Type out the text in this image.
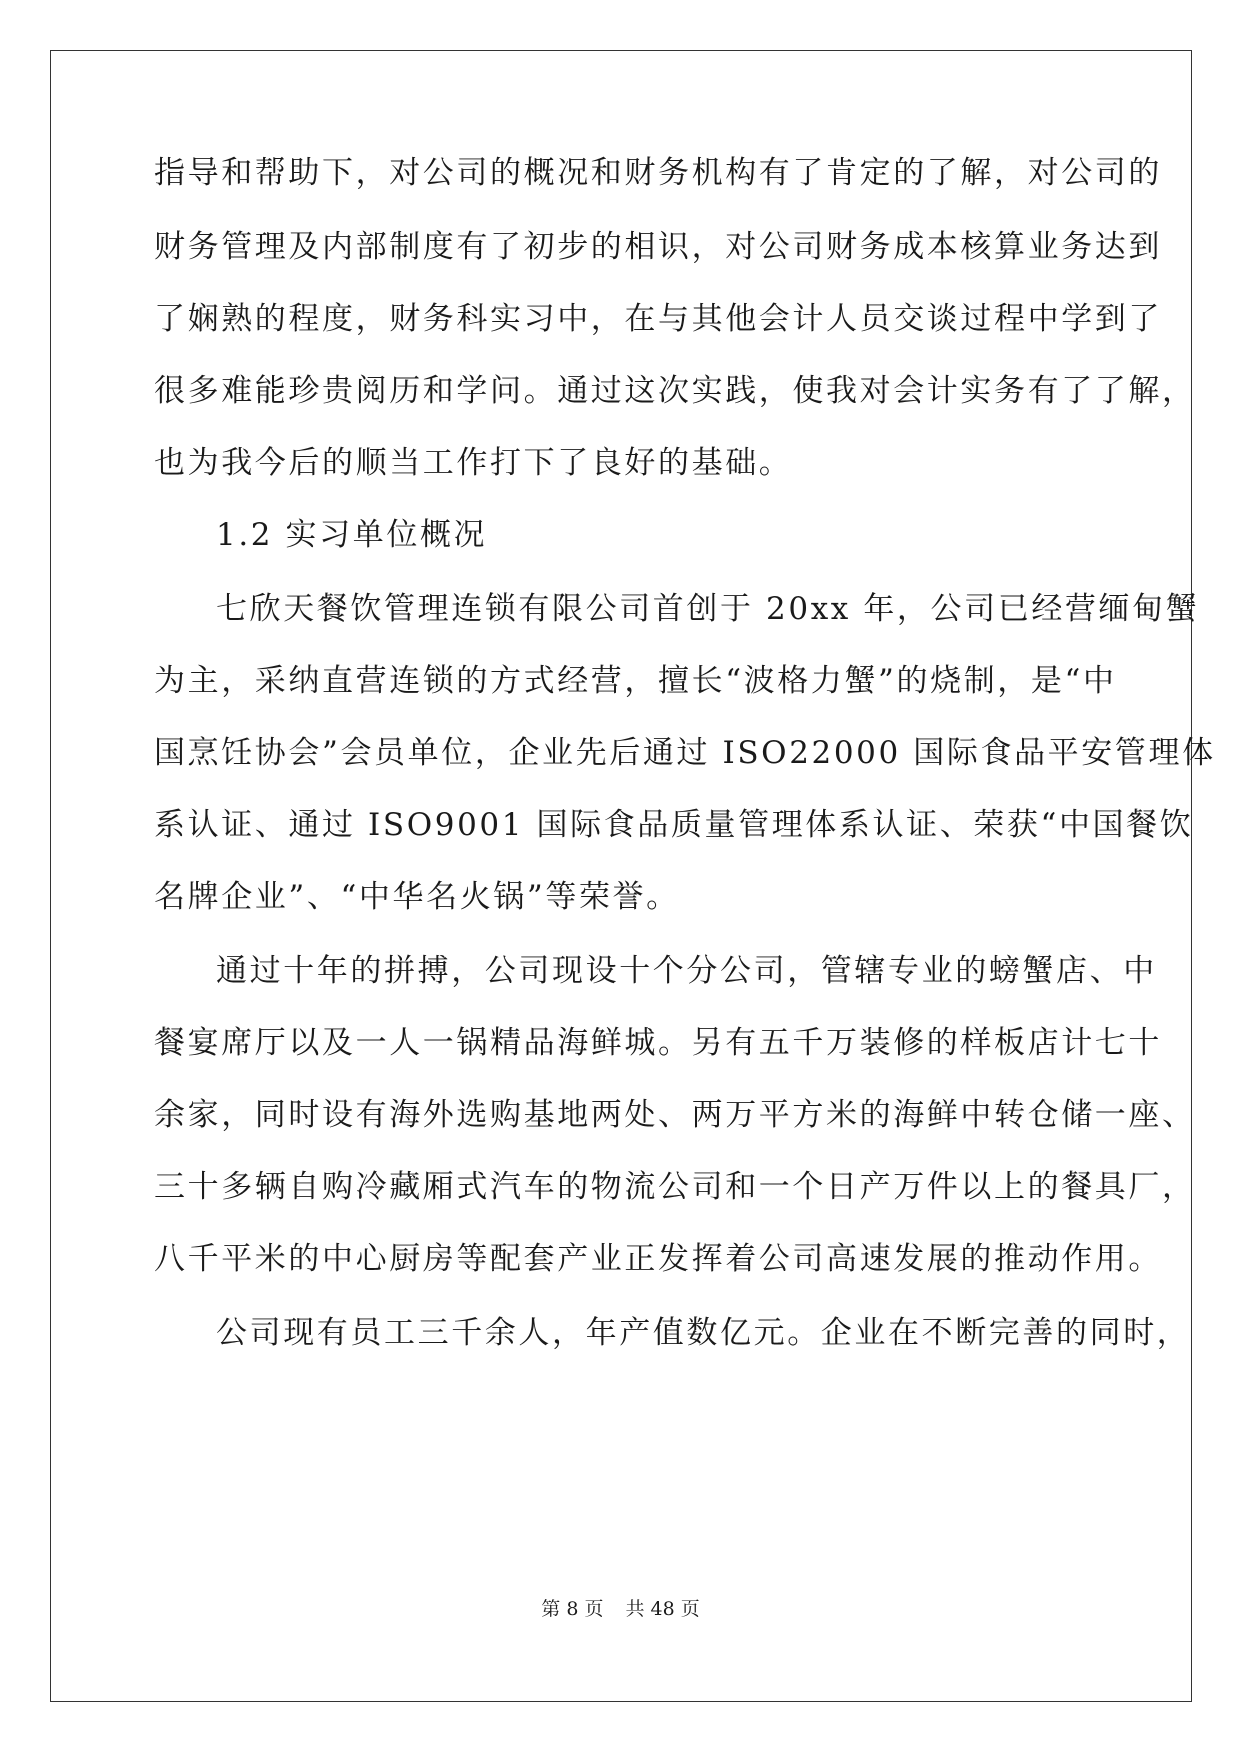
指导和帮助下，对公司的概况和财务机构有了肯定的了解，对公司的
财务管理及内部制度有了初步的相识，对公司财务成本核算业务达到
了娴熟的程度，财务科实习中，在与其他会计人员交谈过程中学到了
很多难能珍贵阅历和学问。通过这次实践，使我对会计实务有了了解，
也为我今后的顺当工作打下了良好的基础。
1.2 实习单位概况
七欣天餐饮管理连锁有限公司首创于 20xx 年，公司已经营缅甸蟹
为主，采纳直营连锁的方式经营，擅长“波格力蟹”的烧制，是“中
国烹饪协会”会员单位，企业先后通过 ISO22000 国际食品平安管理体
系认证、通过 ISO9001 国际食品质量管理体系认证、荣获“中国餐饮
名牌企业”、“中华名火锅”等荣誉。
通过十年的拼搏，公司现设十个分公司，管辖专业的螃蟹店、中
餐宴席厅以及一人一锅精品海鲜城。另有五千万装修的样板店计七十
余家，同时设有海外选购基地两处、两万平方米的海鲜中转仓储一座、
三十多辆自购冷藏厢式汽车的物流公司和一个日产万件以上的餐具厂，
八千平米的中心厨房等配套产业正发挥着公司高速发展的推动作用。
公司现有员工三千余人，年产值数亿元。企业在不断完善的同时，
第 8 页 共 48 页
